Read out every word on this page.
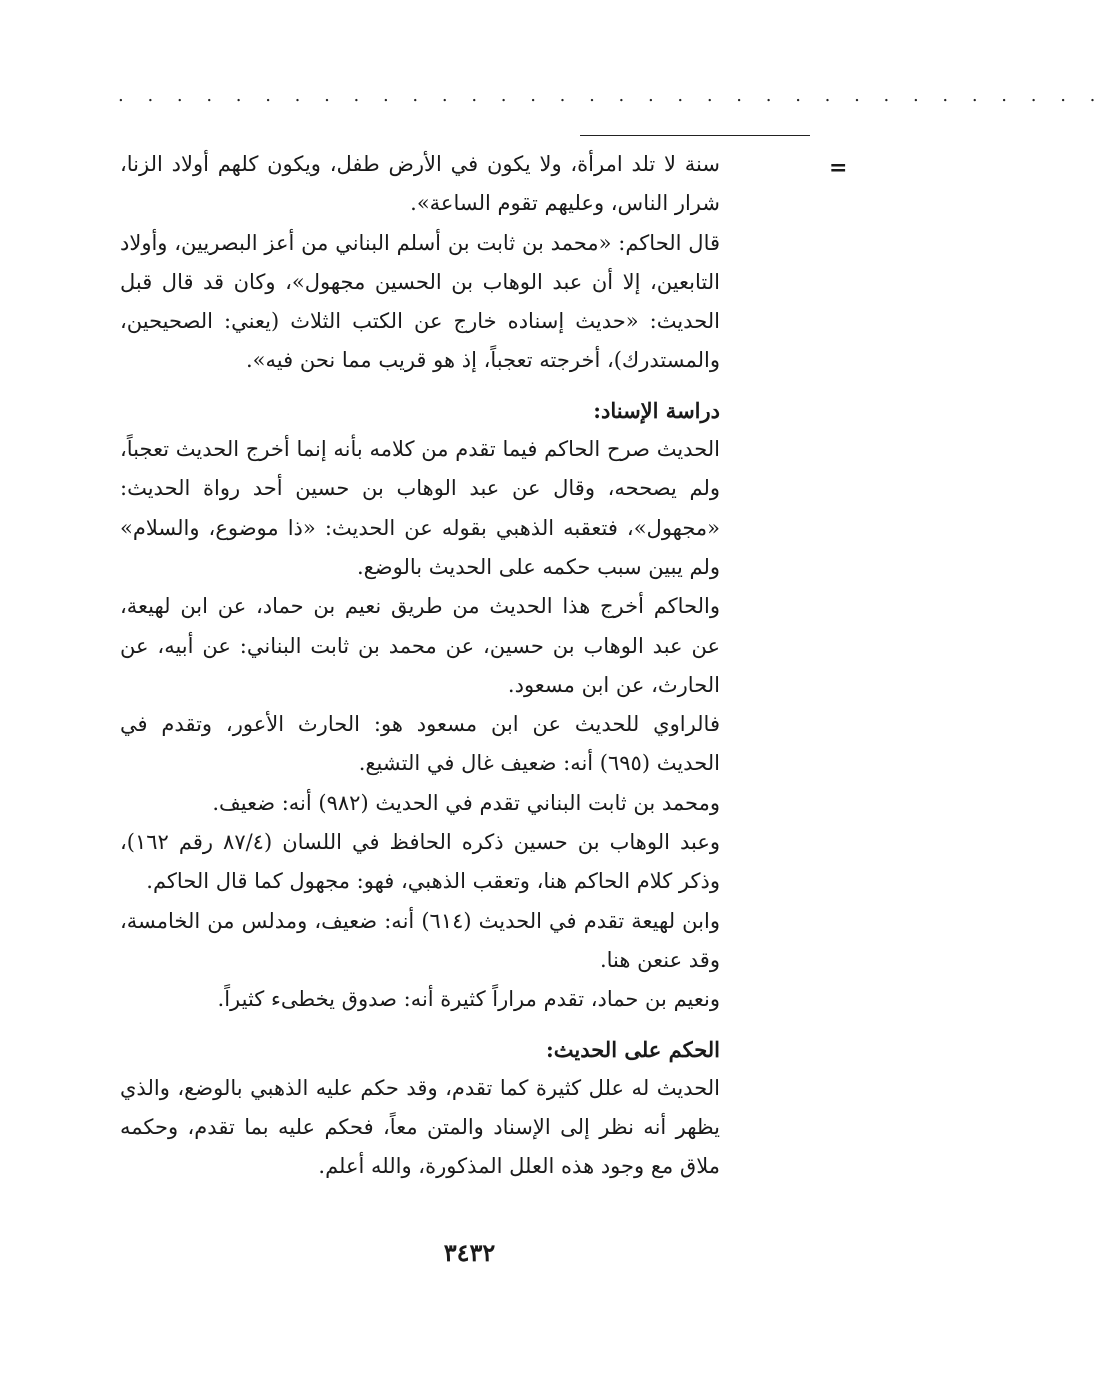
. . . . . . . . . . . . . . . . . . . . . . . . . . . . . . . . . .
=

سنة لا تلد امرأة، ولا يكون في الأرض طفل، ويكون كلهم أولاد الزنا، شرار الناس، وعليهم تقوم الساعة».

قال الحاكم: «محمد بن ثابت بن أسلم البناني من أعز البصريين، وأولاد التابعين، إلا أن عبد الوهاب بن الحسين مجهول»، وكان قد قال قبل الحديث: «حديث إسناده خارج عن الكتب الثلاث (يعني: الصحيحين، والمستدرك)، أخرجته تعجباً، إذ هو قريب مما نحن فيه».

دراسة الإسناد:

الحديث صرح الحاكم فيما تقدم من كلامه بأنه إنما أخرج الحديث تعجباً، ولم يصححه، وقال عن عبد الوهاب بن حسين أحد رواة الحديث: «مجهول»، فتعقبه الذهبي بقوله عن الحديث: «ذا موضوع، والسلام» ولم يبين سبب حكمه على الحديث بالوضع.

والحاكم أخرج هذا الحديث من طريق نعيم بن حماد، عن ابن لهيعة، عن عبد الوهاب بن حسين، عن محمد بن ثابت البناني: عن أبيه، عن الحارث، عن ابن مسعود.

فالراوي للحديث عن ابن مسعود هو: الحارث الأعور، وتقدم في الحديث (٦٩٥) أنه: ضعيف غال في التشيع.

ومحمد بن ثابت البناني تقدم في الحديث (٩٨٢) أنه: ضعيف.

وعبد الوهاب بن حسين ذكره الحافظ في اللسان (٨٧/٤ رقم ١٦٢)، وذكر كلام الحاكم هنا، وتعقب الذهبي، فهو: مجهول كما قال الحاكم.

وابن لهيعة تقدم في الحديث (٦١٤) أنه: ضعيف، ومدلس من الخامسة، وقد عنعن هنا.

ونعيم بن حماد، تقدم مراراً كثيرة أنه: صدوق يخطىء كثيراً.

الحكم على الحديث:

الحديث له علل كثيرة كما تقدم، وقد حكم عليه الذهبي بالوضع، والذي يظهر أنه نظر إلى الإسناد والمتن معاً، فحكم عليه بما تقدم، وحكمه ملاق مع وجود هذه العلل المذكورة، والله أعلم.

٣٤٣٢
